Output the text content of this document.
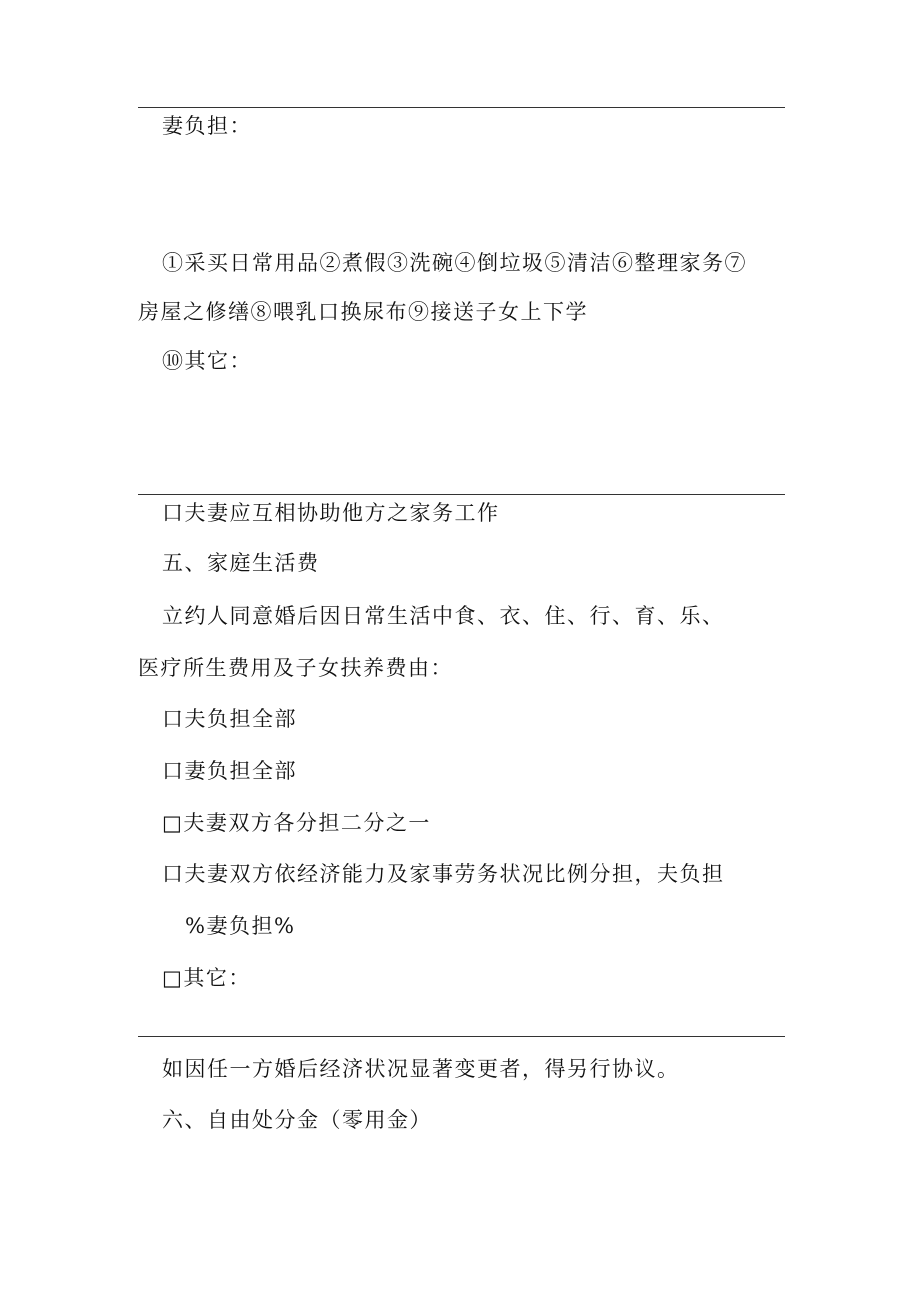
妻负担：
①采买日常用品②煮假③洗碗④倒垃圾⑤清洁⑥整理家务⑦
房屋之修缮⑧喂乳口换尿布⑨接送子女上下学
⑩其它：
口夫妻应互相协助他方之家务工作
五、家庭生活费
立约人同意婚后因日常生活中食、衣、住、行、育、乐、
医疗所生费用及子女扶养费由：
口夫负担全部
口妻负担全部
□夫妻双方各分担二分之一
口夫妻双方依经济能力及家事劳务状况比例分担，夫负担
%妻负担%
□其它：
如因任一方婚后经济状况显著变更者，得另行协议。
六、自由处分金（零用金）
